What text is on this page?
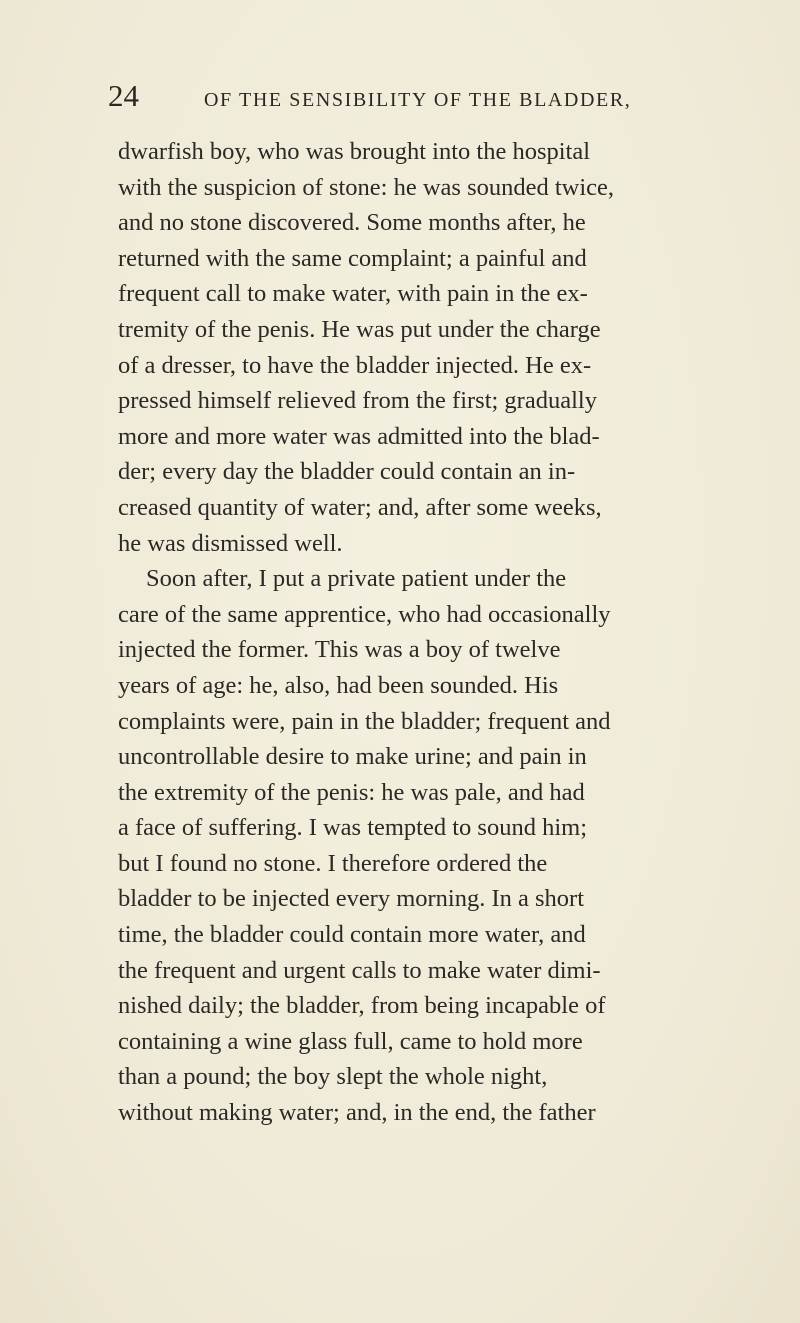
24	OF THE SENSIBILITY OF THE BLADDER,
dwarfish boy, who was brought into the hospital
with the suspicion of stone: he was sounded twice,
and no stone discovered. Some months after, he
returned with the same complaint; a painful and
frequent call to make water, with pain in the ex-
tremity of the penis. He was put under the charge
of a dresser, to have the bladder injected. He ex-
pressed himself relieved from the first; gradually
more and more water was admitted into the blad-
der; every day the bladder could contain an in-
creased quantity of water; and, after some weeks,
he was dismissed well.
Soon after, I put a private patient under the
care of the same apprentice, who had occasionally
injected the former. This was a boy of twelve
years of age: he, also, had been sounded. His
complaints were, pain in the bladder; frequent and
uncontrollable desire to make urine; and pain in
the extremity of the penis: he was pale, and had
a face of suffering. I was tempted to sound him;
but I found no stone. I therefore ordered the
bladder to be injected every morning. In a short
time, the bladder could contain more water, and
the frequent and urgent calls to make water dimi-
nished daily; the bladder, from being incapable of
containing a wine glass full, came to hold more
than a pound; the boy slept the whole night,
without making water; and, in the end, the father
